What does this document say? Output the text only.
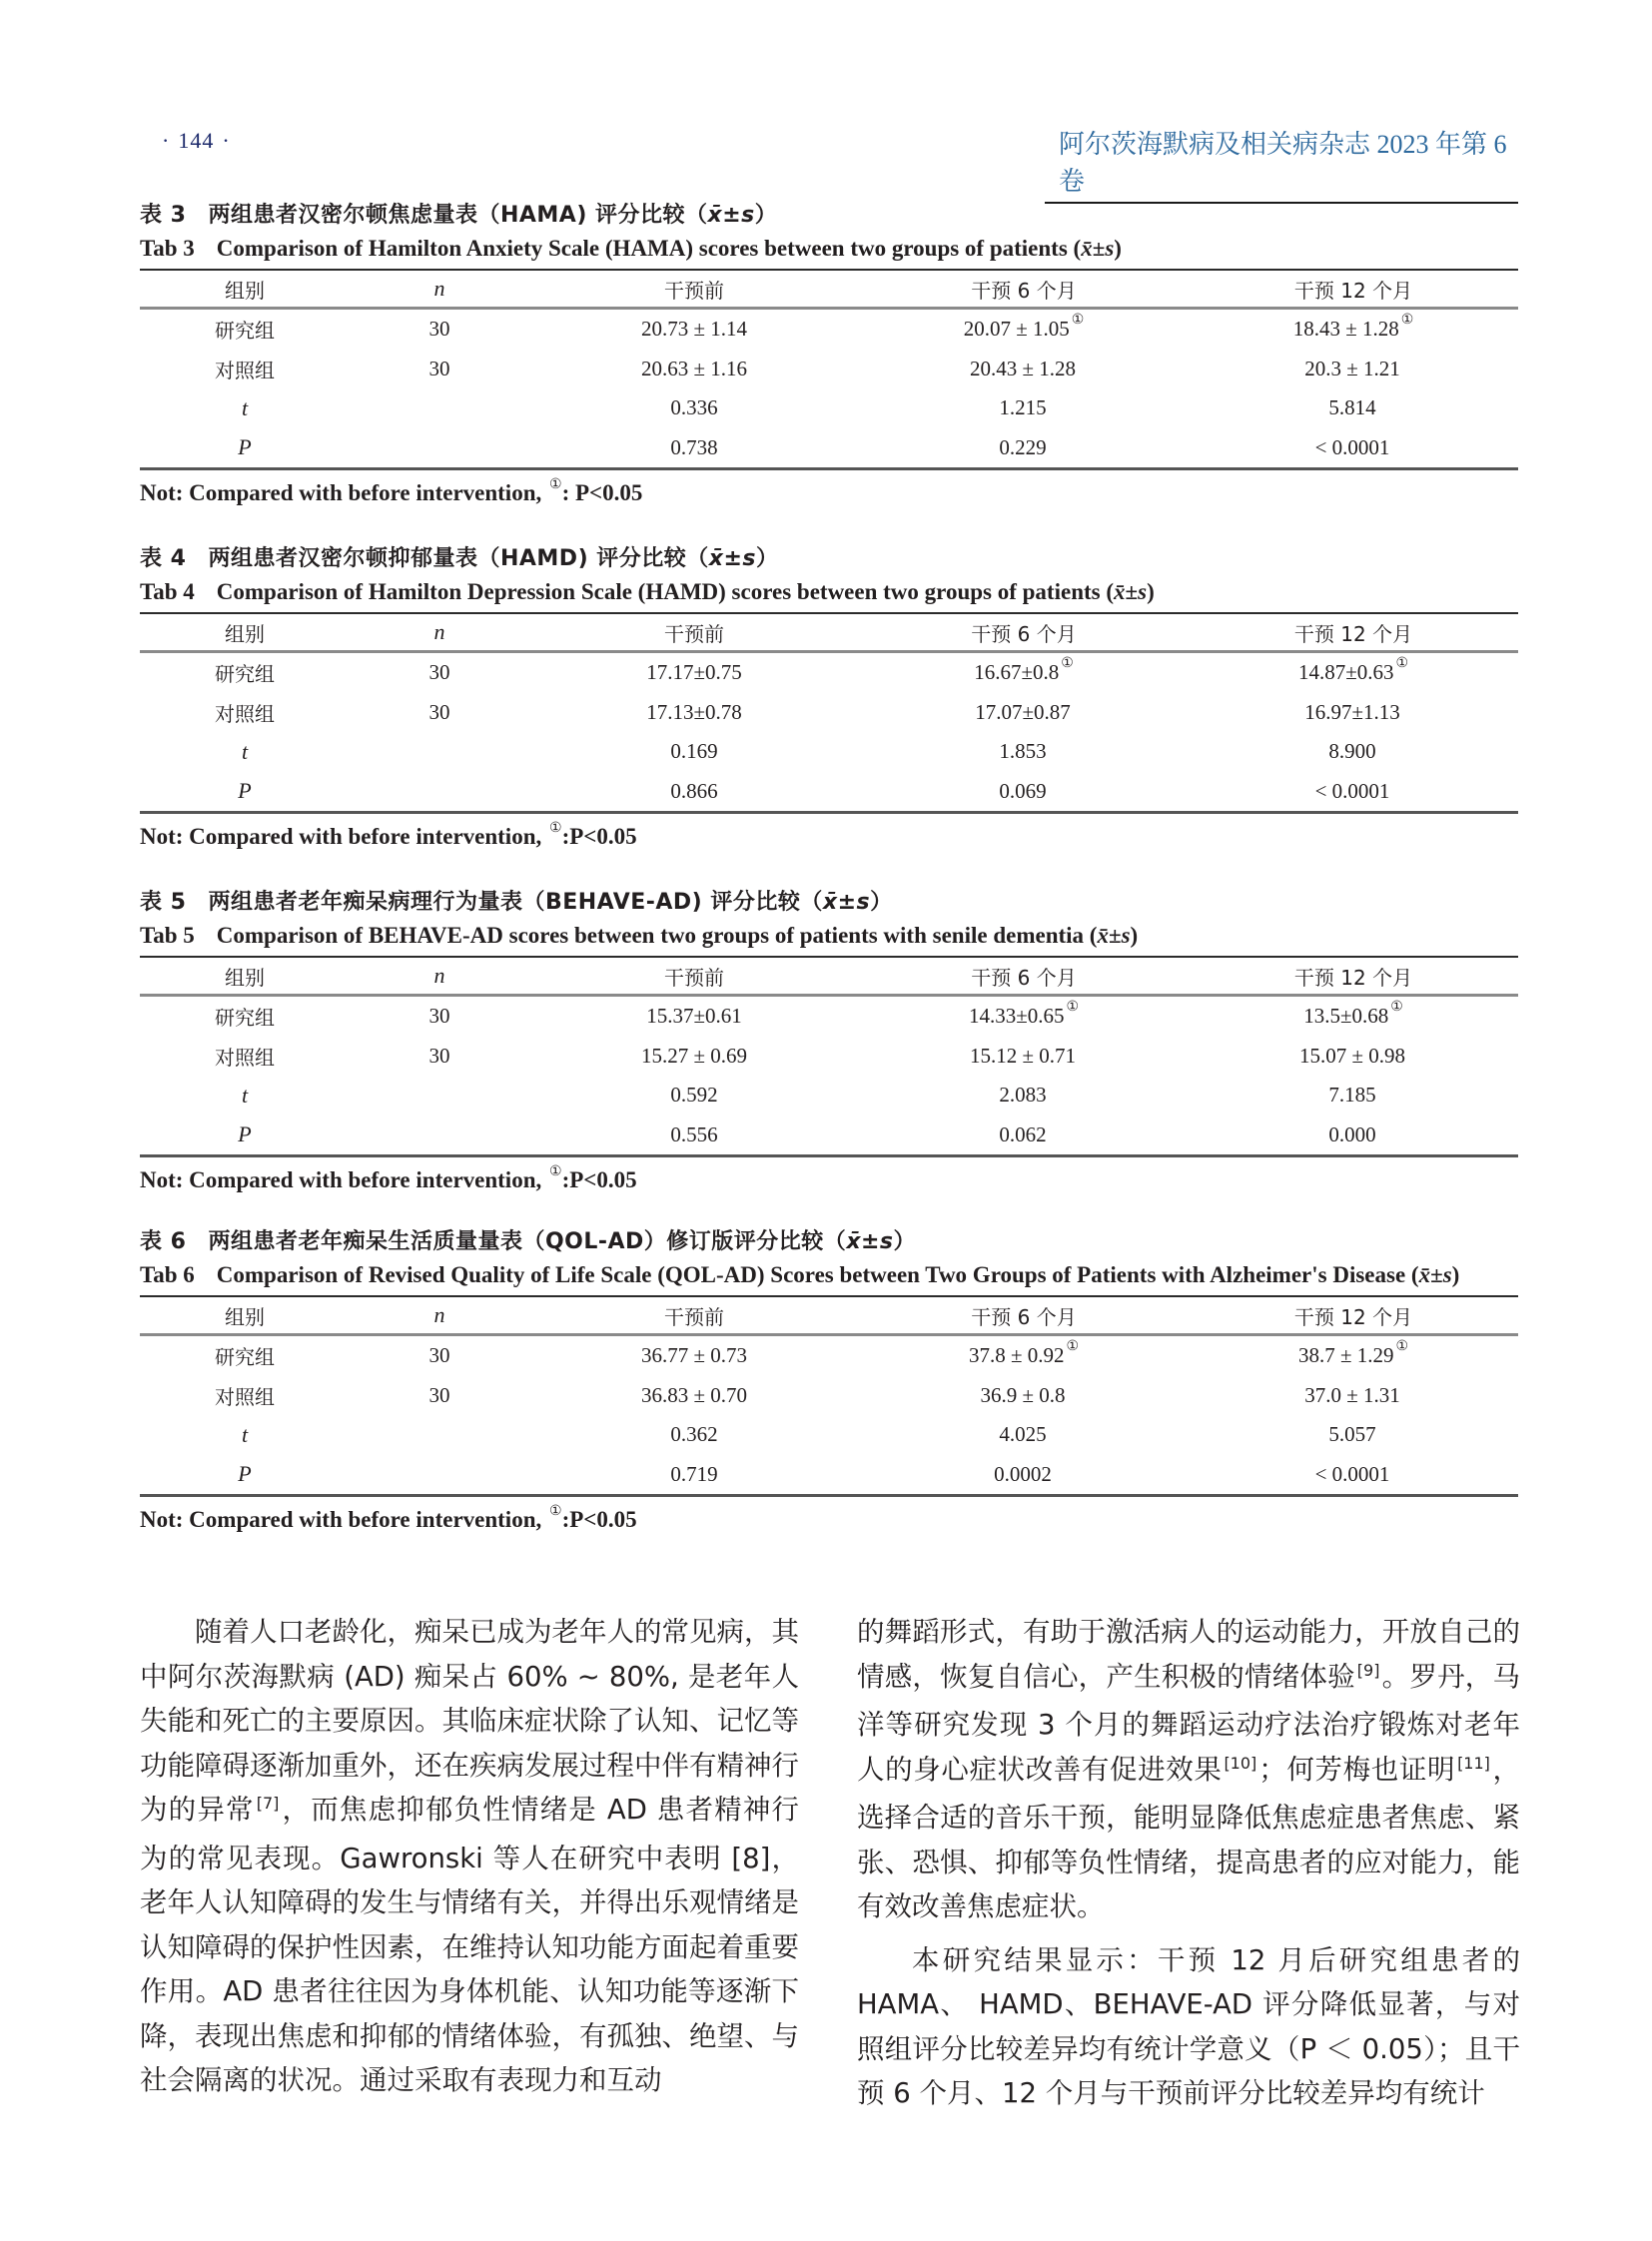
· 144 ·	阿尔茨海默病及相关病杂志 2023 年第 6 卷
表 3 两组患者汉密尔顿焦虑量表（HAMA) 评分比较（x̄±s）
Tab 3 Comparison of Hamilton Anxiety Scale (HAMA) scores between two groups of patients (x̄±s)
组别	n	干预前	干预 6 个月	干预 12 个月
研究组	30	20.73 ± 1.14	20.07 ± 1.05 ①	18.43 ± 1.28 ①
对照组	30	20.63 ± 1.16	20.43 ± 1.28	20.3 ± 1.21
t		0.336	1.215	5.814
P		0.738	0.229	< 0.0001
Not: Compared with before intervention, ①: P<0.05
表 4 两组患者汉密尔顿抑郁量表（HAMD) 评分比较（x̄±s）
Tab 4 Comparison of Hamilton Depression Scale (HAMD) scores between two groups of patients (x̄±s)
组别	n	干预前	干预 6 个月	干预 12 个月
研究组	30	17.17±0.75	16.67±0.8 ①	14.87±0.63 ①
对照组	30	17.13±0.78	17.07±0.87	16.97±1.13
t		0.169	1.853	8.900
P		0.866	0.069	< 0.0001
Not: Compared with before intervention, ①:P<0.05
表 5 两组患者老年痴呆病理行为量表（BEHAVE-AD) 评分比较（x̄±s）
Tab 5 Comparison of BEHAVE-AD scores between two groups of patients with senile dementia (x̄±s)
组别	n	干预前	干预 6 个月	干预 12 个月
研究组	30	15.37±0.61	14.33±0.65 ①	13.5±0.68 ①
对照组	30	15.27 ± 0.69	15.12 ± 0.71	15.07 ± 0.98
t		0.592	2.083	7.185
P		0.556	0.062	0.000
Not: Compared with before intervention, ①:P<0.05
表 6 两组患者老年痴呆生活质量量表（QOL-AD）修订版评分比较（x̄±s）
Tab 6 Comparison of Revised Quality of Life Scale (QOL-AD) Scores between Two Groups of Patients with Alzheimer's Disease (x̄±s)
组别	n	干预前	干预 6 个月	干预 12 个月
研究组	30	36.77 ± 0.73	37.8 ± 0.92 ①	38.7 ± 1.29 ①
对照组	30	36.83 ± 0.70	36.9 ± 0.8	37.0 ± 1.31
t		0.362	4.025	5.057
P		0.719	0.0002	< 0.0001
Not: Compared with before intervention, ①:P<0.05

随着人口老龄化，痴呆已成为老年人的常见病，其中阿尔茨海默病 (AD) 痴呆占 60% ~ 80%, 是老年人失能和死亡的主要原因。其临床症状除了认知、记忆等功能障碍逐渐加重外，还在疾病发展过程中伴有精神行为的异常 [7]，而焦虑抑郁负性情绪是 AD 患者精神行为的常见表现。Gawronski 等人在研究中表明 [8]，老年人认知障碍的发生与情绪有关，并得出乐观情绪是认知障碍的保护性因素，在维持认知功能方面起着重要作用。AD 患者往往因为身体机能、认知功能等逐渐下降，表现出焦虑和抑郁的情绪体验，有孤独、绝望、与社会隔离的状况。通过采取有表现力和互动

的舞蹈形式，有助于激活病人的运动能力，开放自己的情感，恢复自信心，产生积极的情绪体验 [9]。罗丹，马洋等研究发现 3 个月的舞蹈运动疗法治疗锻炼对老年人的身心症状改善有促进效果 [10]；何芳梅也证明 [11]，选择合适的音乐干预，能明显降低焦虑症患者焦虑、紧张、恐惧、抑郁等负性情绪，提高患者的应对能力，能有效改善焦虑症状。

本研究结果显示：干预 12 月后研究组患者的 HAMA、 HAMD、BEHAVE-AD 评分降低显著，与对照组评分比较差异均有统计学意义（P ＜ 0.05）；且干预 6 个月、12 个月与干预前评分比较差异均有统计
